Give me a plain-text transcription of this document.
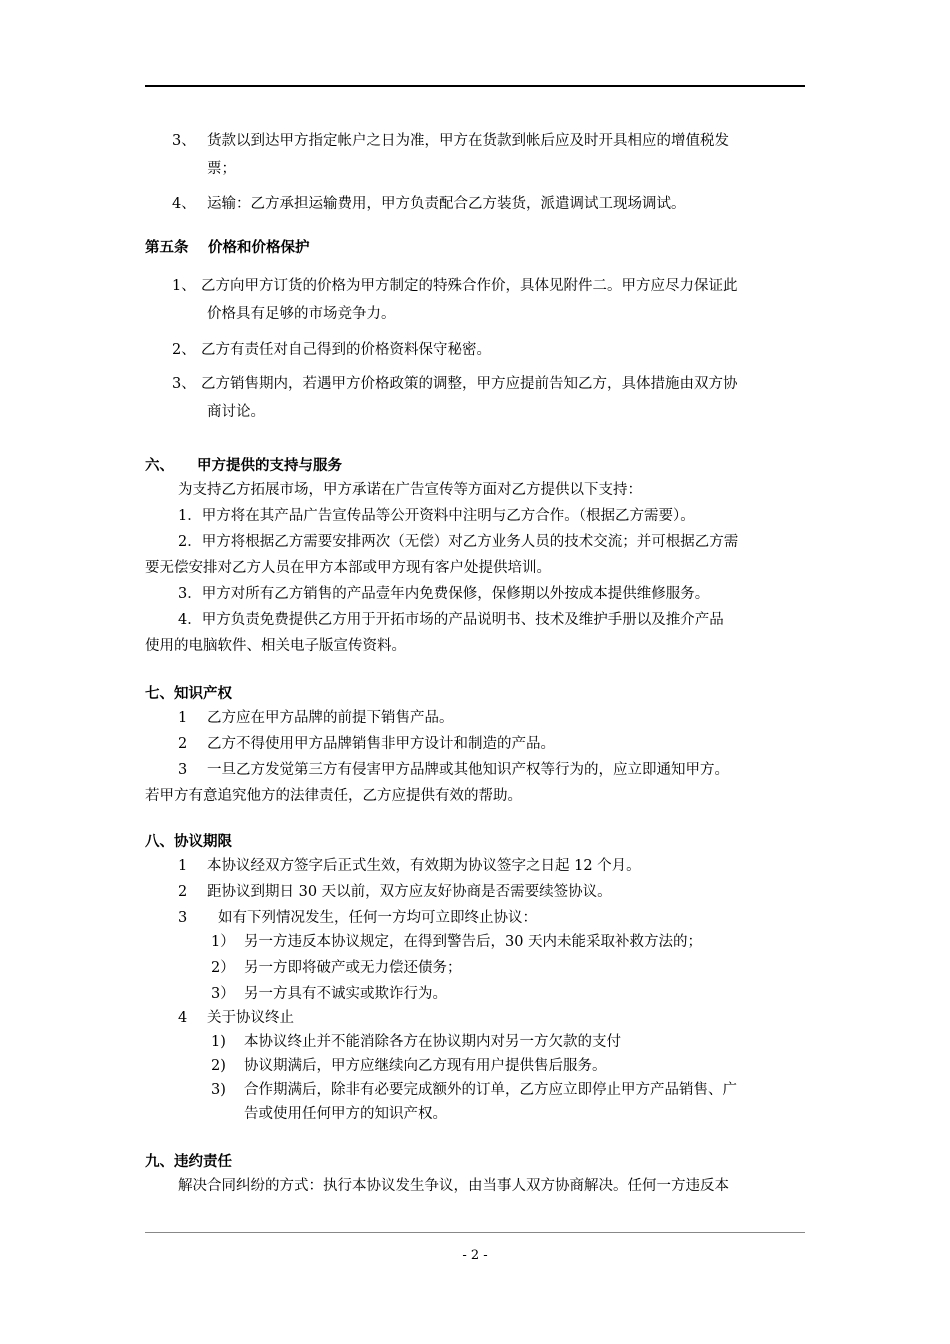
3、 货款以到达甲方指定帐户之日为准，甲方在货款到帐后应及时开具相应的增值税发
票；
4、 运输：乙方承担运输费用，甲方负责配合乙方装货，派遣调试工现场调试。
第五条　 价格和价格保护
1、 乙方向甲方订货的价格为甲方制定的特殊合作价，具体见附件二。甲方应尽力保证此
价格具有足够的市场竞争力。
2、 乙方有责任对自己得到的价格资料保守秘密。
3、 乙方销售期内，若遇甲方价格政策的调整，甲方应提前告知乙方，具体措施由双方协
商讨论。
六、 甲方提供的支持与服务
为支持乙方拓展市场，甲方承诺在广告宣传等方面对乙方提供以下支持：
1．甲方将在其产品广告宣传品等公开资料中注明与乙方合作。（根据乙方需要）。
2．甲方将根据乙方需要安排两次（无偿）对乙方业务人员的技术交流；并可根据乙方需
要无偿安排对乙方人员在甲方本部或甲方现有客户处提供培训。
3．甲方对所有乙方销售的产品壹年内免费保修，保修期以外按成本提供维修服务。
4．甲方负责免费提供乙方用于开拓市场的产品说明书、技术及维护手册以及推介产品
使用的电脑软件、相关电子版宣传资料。
七、知识产权
1 乙方应在甲方品牌的前提下销售产品。
2 乙方不得使用甲方品牌销售非甲方设计和制造的产品。
3 一旦乙方发觉第三方有侵害甲方品牌或其他知识产权等行为的，应立即通知甲方。
若甲方有意追究他方的法律责任，乙方应提供有效的帮助。
八、协议期限
1 本协议经双方签字后正式生效，有效期为协议签字之日起 12 个月。
2 距协议到期日 30 天以前，双方应友好协商是否需要续签协议。
3 如有下列情况发生，任何一方均可立即终止协议：
1） 另一方违反本协议规定，在得到警告后，30 天内未能采取补救方法的；
2） 另一方即将破产或无力偿还债务；
3） 另一方具有不诚实或欺诈行为。
4 关于协议终止
1) 本协议终止并不能消除各方在协议期内对另一方欠款的支付
2) 协议期满后，甲方应继续向乙方现有用户提供售后服务。
3) 合作期满后，除非有必要完成额外的订单，乙方应立即停止甲方产品销售、广
告或使用任何甲方的知识产权。
九、违约责任
解决合同纠纷的方式：执行本协议发生争议，由当事人双方协商解决。任何一方违反本
- 2 -
